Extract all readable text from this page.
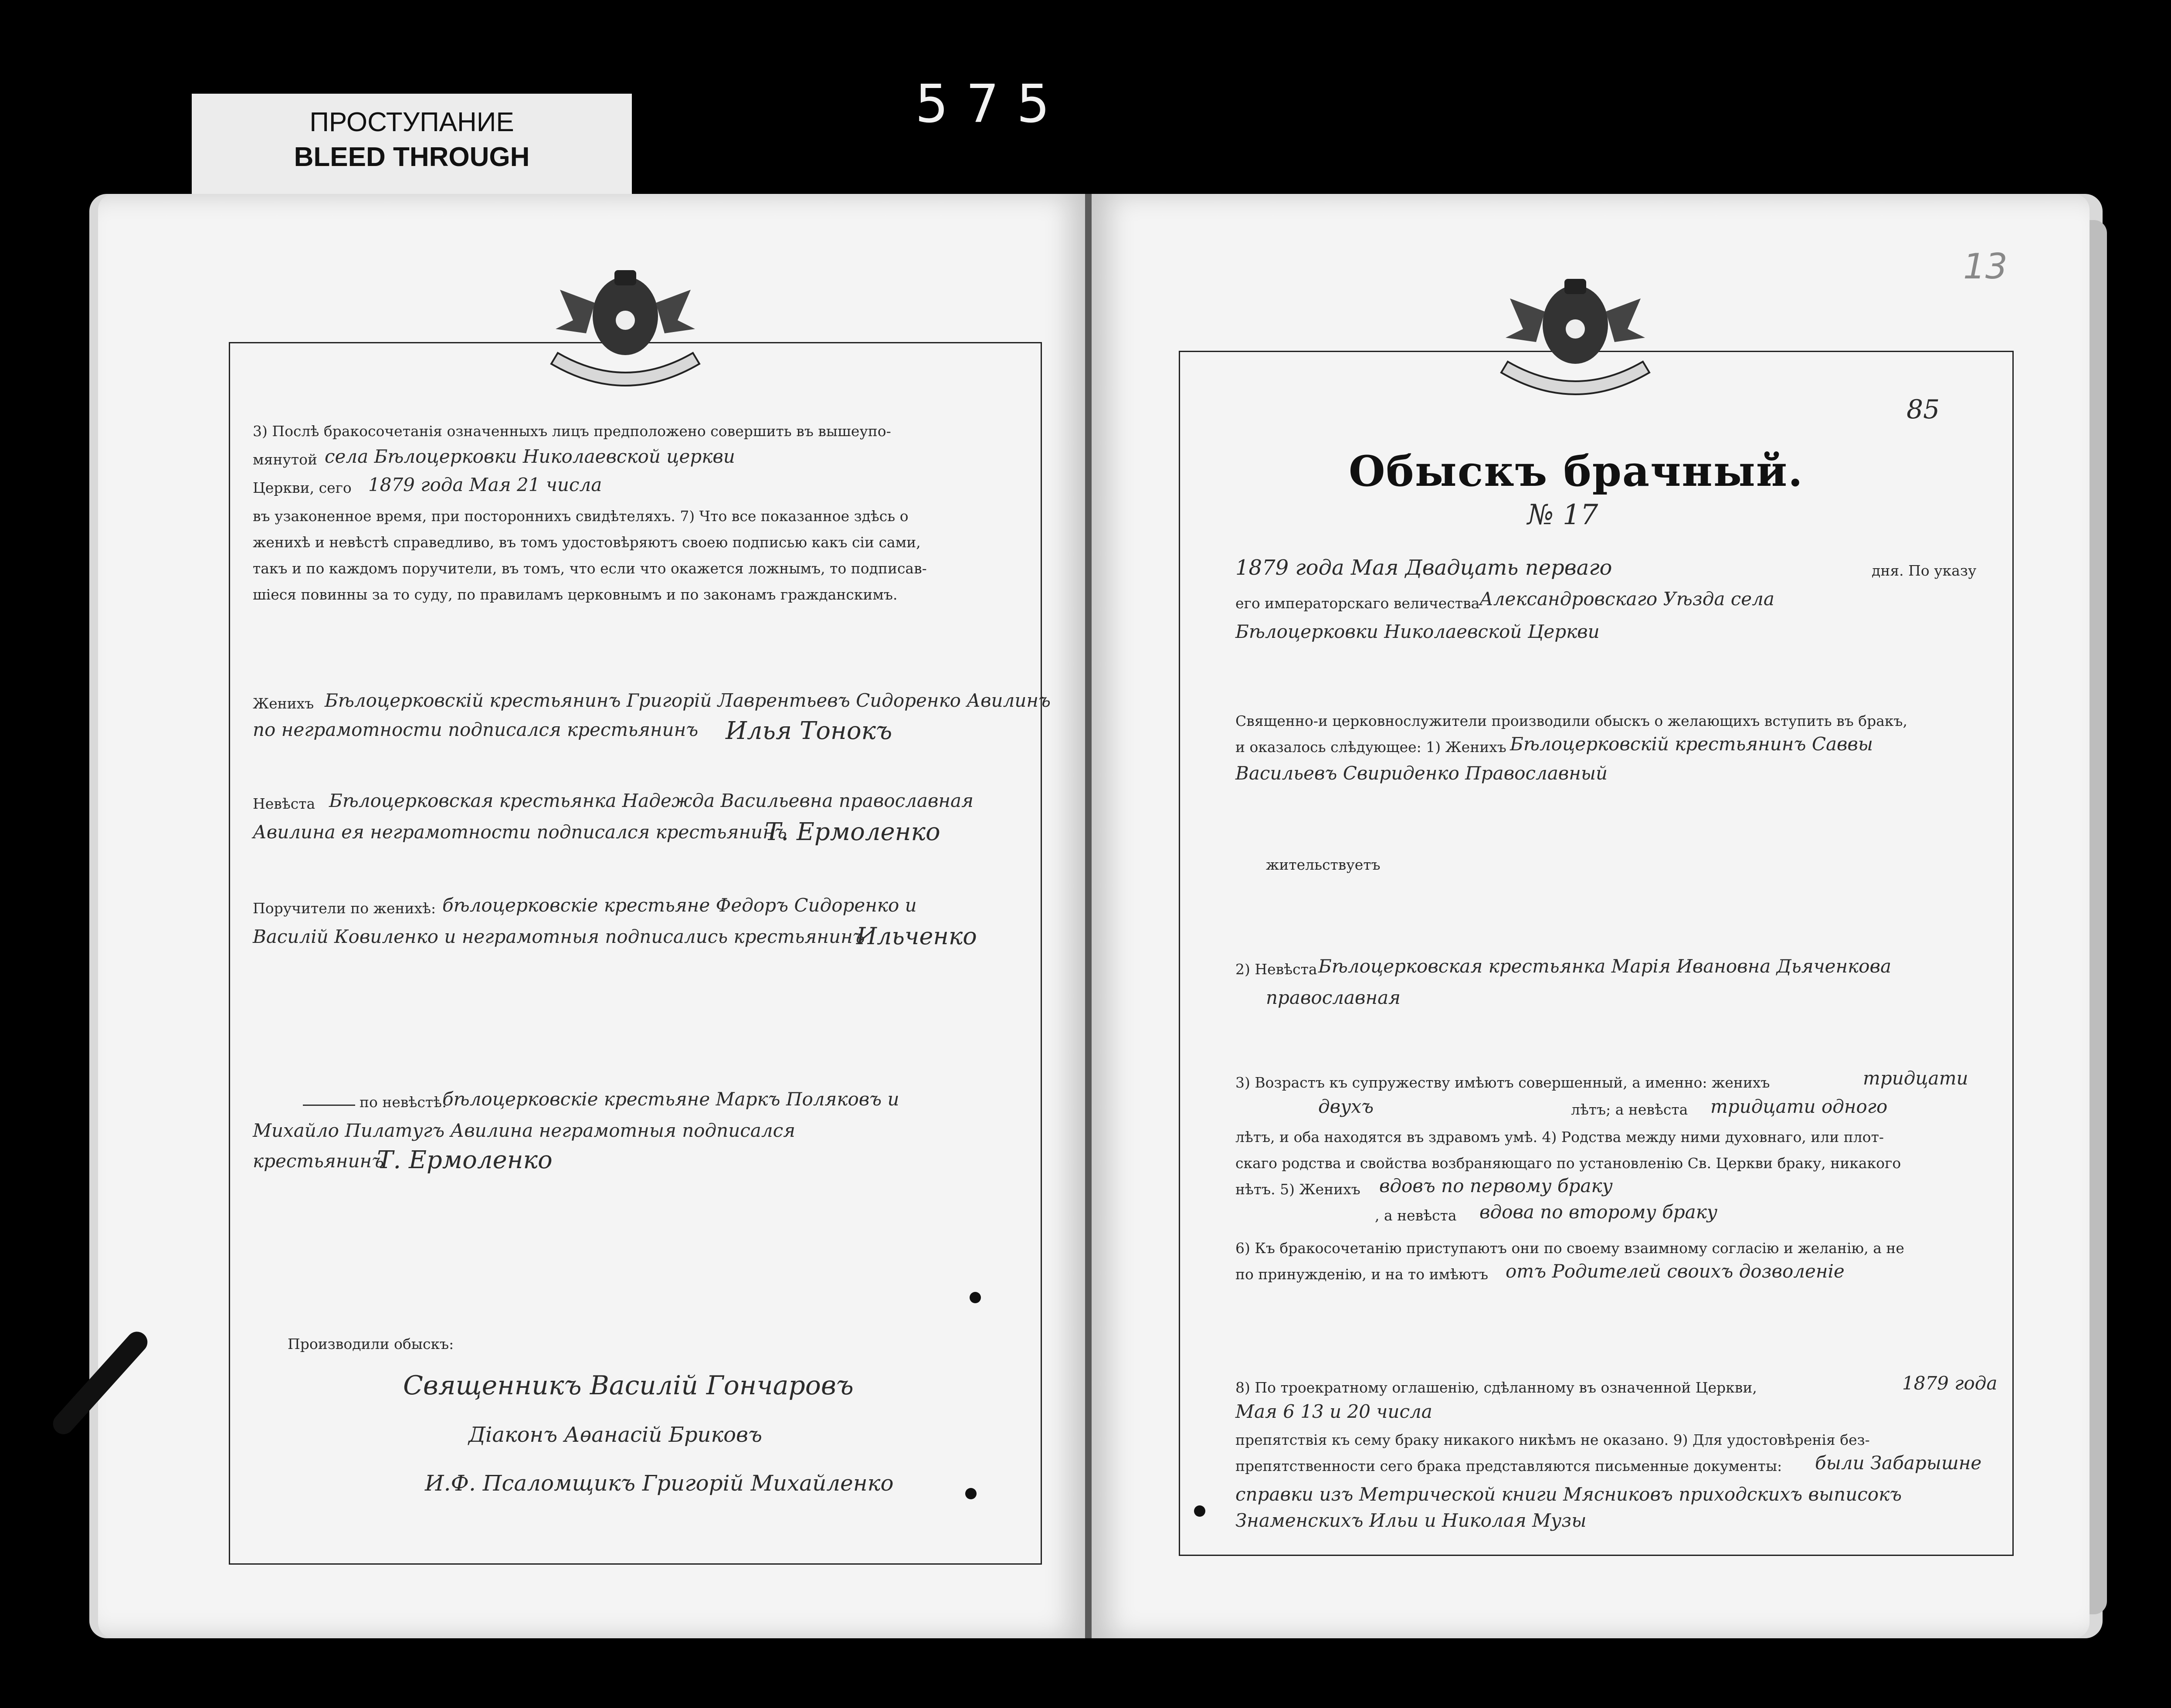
ПРОСТУПАНИЕ
BLEED THROUGH
575
3) Послѣ бракосочетанія означенныхъ лицъ предположено совершить въ вышеупо-
мянутой села Бѣлоцерковки Николаевской церкви
Церкви, сего 1879 года Мая 21 числа
въ узаконенное время, при постороннихъ свидѣтеляхъ. 7) Что все показанное здѣсь о
женихѣ и невѣстѣ справедливо, въ томъ удостовѣряютъ своею подписью какъ сіи сами,
такъ и по каждомъ поручители, въ томъ, что если что окажется ложнымъ, то подписав-
шіеся повинны за то суду, по правиламъ церковнымъ и по законамъ гражданскимъ.
Женихъ Бѣлоцерковскій крестьянинъ Григорій Лаврентьевъ Сидоренко Авилинъ
по неграмотности подписался крестьянинъ Илья Тонокъ
Невѣста Бѣлоцерковская крестьянка Надежда Васильевна православная
Авилина ея неграмотности подписался крестьянинъ
Т. Ермоленко
Поручители по женихѣ: бѣлоцерковскіе крестьяне Федоръ Сидоренко и
Василій Ковиленко и неграмотныя подписались крестьянинъ
Ильченко
по невѣстѣ:
бѣлоцерковскіе крестьяне Маркъ Поляковъ и
Михайло Пилатугъ Авилина неграмотныя подписался
крестьянинъ
Т. Ермоленко
Производили обыскъ:
Священникъ Василій Гончаровъ
Діаконъ Аѳанасій Бриковъ
И.Ф. Псаломщикъ Григорій Михайленко
13
85
Обыскъ брачный.
№ 17
1879 года Мая Двадцать перваго	дня. По указу
его императорскаго величества Александровскаго Уѣзда села
Бѣлоцерковки Николаевской Церкви
Священно-и церковнослужители производили обыскъ о желающихъ вступить въ бракъ,
и оказалось слѣдующее: 1) Женихъ Бѣлоцерковскій крестьянинъ Саввы
Васильевъ Свириденко Православный
жительствуетъ
2) Невѣста Бѣлоцерковская крестьянка Марія Ивановна Дьяченкова
православная
3) Возрастъ къ супружеству имѣютъ совершенный, а именно: женихъ	тридцати
двухъ	лѣтъ; а невѣста тридцати одного
лѣтъ, и оба находятся въ здравомъ умѣ. 4) Родства между ними духовнаго, или плот-
скаго родства и свойства возбраняющаго по установленію Св. Церкви браку, никакого
нѣтъ. 5) Женихъ вдовъ по первому браку
, а невѣста вдова по второму браку
6) Къ бракосочетанію приступаютъ они по своему взаимному согласію и желанію, а не
по принужденію, и на то имѣютъ отъ Родителей своихъ дозволеніе
8) По троекратному оглашенію, сдѣланному въ означенной Церкви,	1879 года
Мая 6 13 и 20 числа
препятствія къ сему браку никакого никѣмъ не оказано. 9) Для удостовѣренія без-
препятственности сего брака представляются письменные документы: были Забарышне
справки изъ Метрической книги Мясниковъ приходскихъ выписокъ
Знаменскихъ Ильи и Николая Музы
